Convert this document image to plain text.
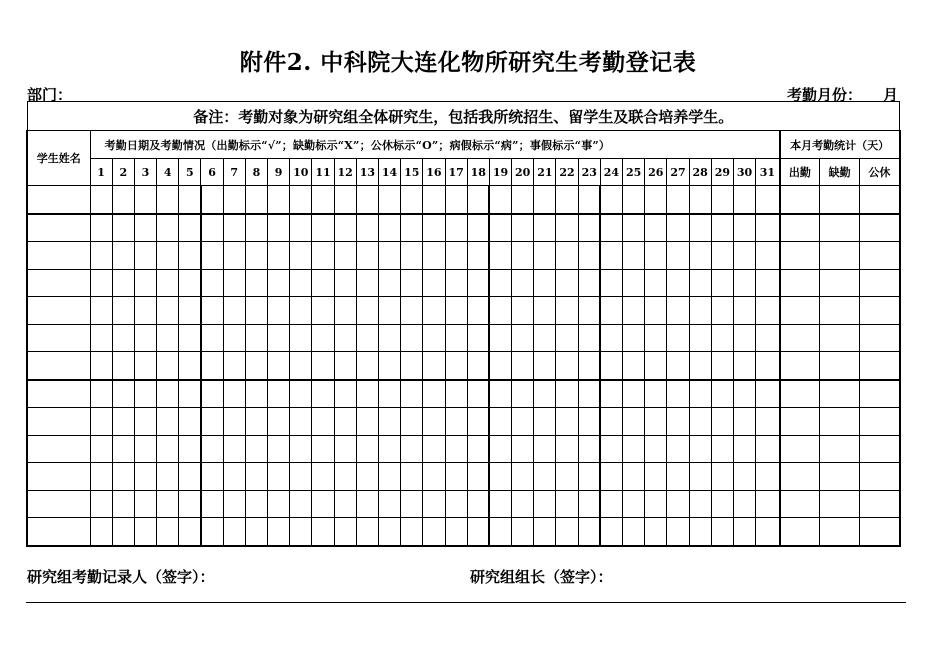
附件2. 中科院大连化物所研究生考勤登记表
部门：	考勤月份： 月
备注：考勤对象为研究组全体研究生，包括我所统招生、留学生及联合培养学生。																																		
学生姓名	考勤日期及考勤情况（出勤标示“√”；缺勤标示“X”；公休标示“O”；病假标示“病”；事假标示“事”）																															本月考勤统计（天）		
	1	2	3	4	5	6	7	8	9	10	11	12	13	14	15	16	17	18	19	20	21	22	23	24	25	26	27	28	29	30	31	出勤	缺勤	公休

研究组考勤记录人（签字）：	研究组组长（签字）：
